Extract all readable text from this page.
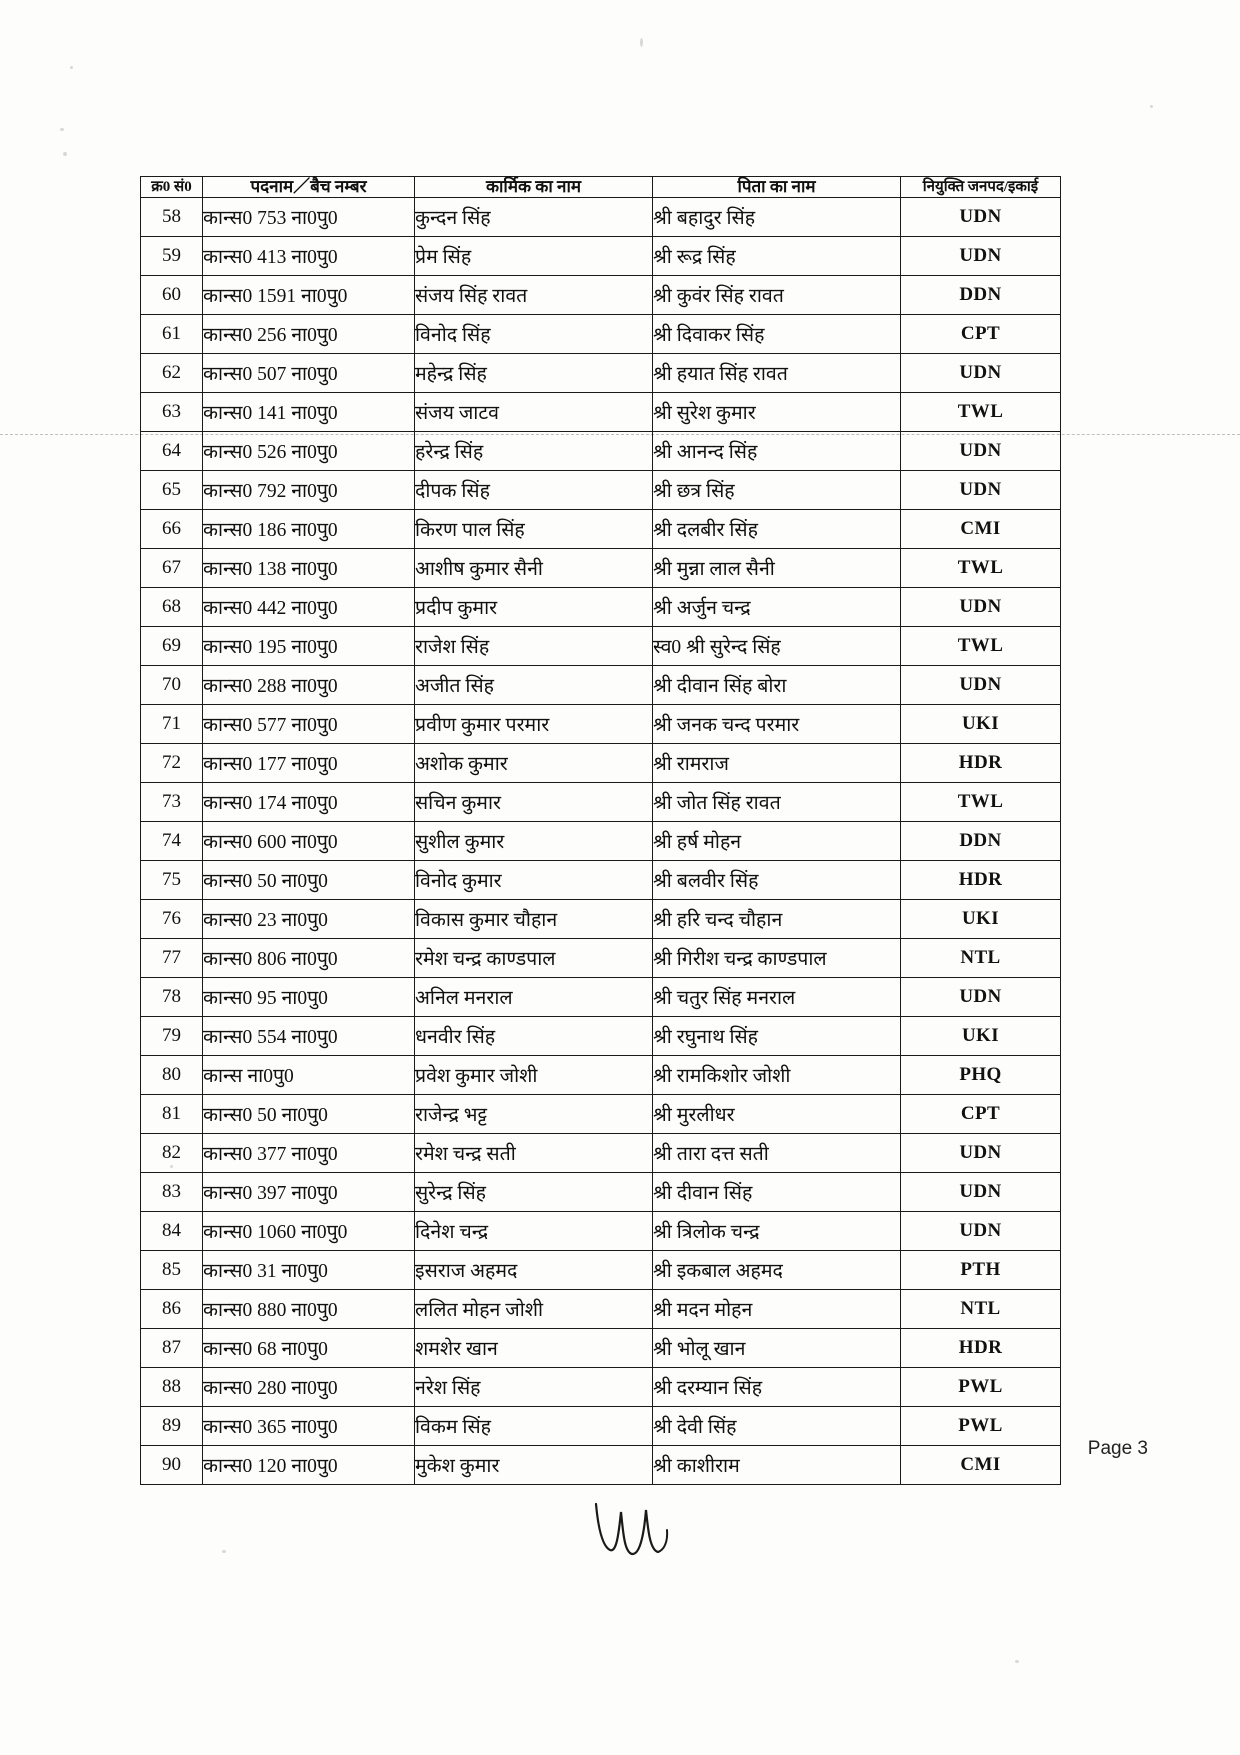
क्र0 सं0	पदनाम／बैच नम्बर	कार्मिक का नाम	पिता का नाम	नियुक्ति जनपद/इकाई
58	कान्स0 753 ना0पु0	कुन्दन सिंह	श्री बहादुर सिंह	UDN
59	कान्स0 413 ना0पु0	प्रेम सिंह	श्री रूद्र सिंह	UDN
60	कान्स0 1591 ना0पु0	संजय सिंह रावत	श्री कुवंर सिंह रावत	DDN
61	कान्स0 256 ना0पु0	विनोद सिंह	श्री दिवाकर सिंह	CPT
62	कान्स0 507 ना0पु0	महेन्द्र सिंह	श्री हयात सिंह रावत	UDN
63	कान्स0 141 ना0पु0	संजय जाटव	श्री सुरेश कुमार	TWL
64	कान्स0 526 ना0पु0	हरेन्द्र सिंह	श्री आनन्द सिंह	UDN
65	कान्स0 792 ना0पु0	दीपक सिंह	श्री छत्र सिंह	UDN
66	कान्स0 186 ना0पु0	किरण पाल सिंह	श्री दलबीर सिंह	CMI
67	कान्स0 138 ना0पु0	आशीष कुमार सैनी	श्री मुन्ना लाल सैनी	TWL
68	कान्स0 442 ना0पु0	प्रदीप कुमार	श्री अर्जुन चन्द्र	UDN
69	कान्स0 195 ना0पु0	राजेश सिंह	स्व0 श्री सुरेन्द सिंह	TWL
70	कान्स0 288 ना0पु0	अजीत सिंह	श्री दीवान सिंह बोरा	UDN
71	कान्स0 577 ना0पु0	प्रवीण कुमार परमार	श्री जनक चन्द परमार	UKI
72	कान्स0 177 ना0पु0	अशोक कुमार	श्री रामराज	HDR
73	कान्स0 174 ना0पु0	सचिन कुमार	श्री जोत सिंह रावत	TWL
74	कान्स0 600 ना0पु0	सुशील कुमार	श्री हर्ष मोहन	DDN
75	कान्स0 50 ना0पु0	विनोद कुमार	श्री बलवीर सिंह	HDR
76	कान्स0 23 ना0पु0	विकास कुमार चौहान	श्री हरि चन्द चौहान	UKI
77	कान्स0 806 ना0पु0	रमेश चन्द्र काण्डपाल	श्री गिरीश चन्द्र काण्डपाल	NTL
78	कान्स0 95 ना0पु0	अनिल मनराल	श्री चतुर सिंह मनराल	UDN
79	कान्स0 554 ना0पु0	धनवीर सिंह	श्री रघुनाथ सिंह	UKI
80	कान्स ना0पु0	प्रवेश कुमार जोशी	श्री रामकिशोर जोशी	PHQ
81	कान्स0 50 ना0पु0	राजेन्द्र भट्ट	श्री मुरलीधर	CPT
82	कान्स0 377 ना0पु0	रमेश चन्द्र सती	श्री तारा दत्त सती	UDN
83	कान्स0 397 ना0पु0	सुरेन्द्र सिंह	श्री दीवान सिंह	UDN
84	कान्स0 1060 ना0पु0	दिनेश चन्द्र	श्री त्रिलोक चन्द्र	UDN
85	कान्स0 31 ना0पु0	इसराज अहमद	श्री इकबाल अहमद	PTH
86	कान्स0 880 ना0पु0	ललित मोहन जोशी	श्री मदन मोहन	NTL
87	कान्स0 68 ना0पु0	शमशेर खान	श्री भोलू खान	HDR
88	कान्स0 280 ना0पु0	नरेश सिंह	श्री दरम्यान सिंह	PWL
89	कान्स0 365 ना0पु0	विकम सिंह	श्री देवी सिंह	PWL
90	कान्स0 120 ना0पु0	मुकेश कुमार	श्री काशीराम	CMI
Page 3
